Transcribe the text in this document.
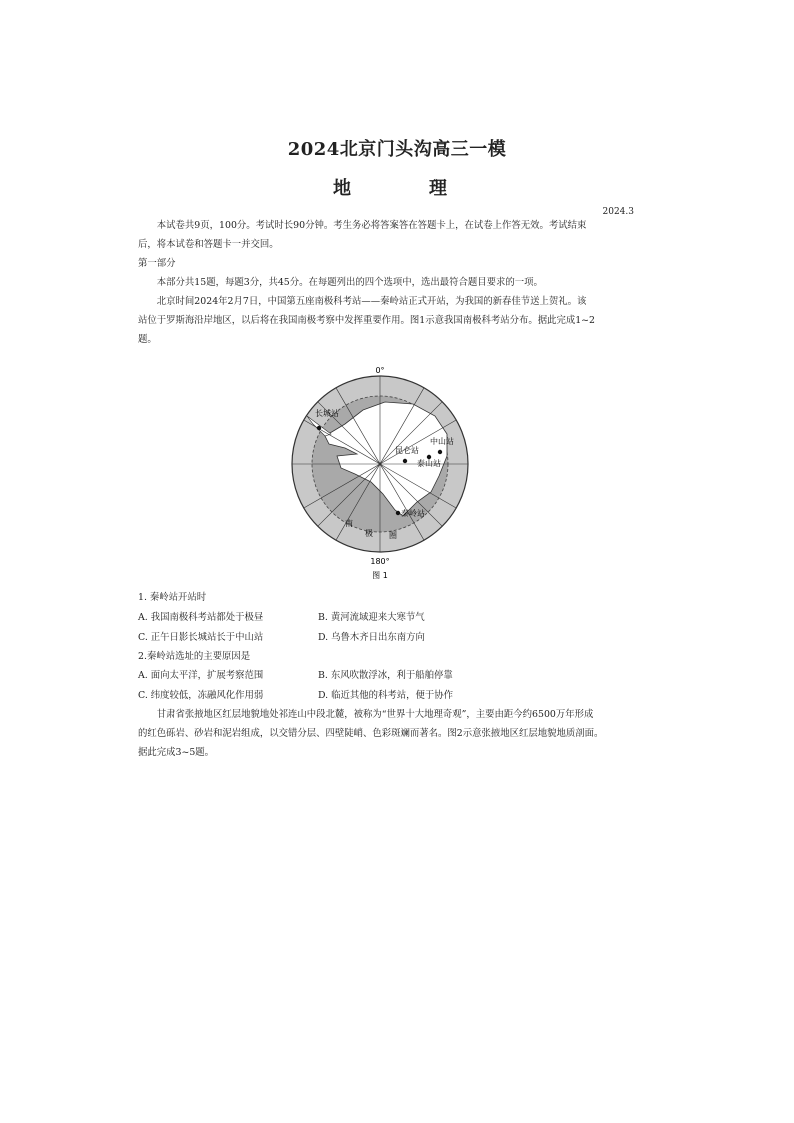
2024北京门头沟高三一模
地　　理
2024.3

本试卷共9页，100分。考试时长90分钟。考生务必将答案答在答题卡上，在试卷上作答无效。考试结束

后，将本试卷和答题卡一并交回。

第一部分

本部分共15题，每题3分，共45分。在每题列出的四个选项中，选出最符合题目要求的一项。

北京时间2024年2月7日，中国第五座南极科考站——秦岭站正式开站，为我国的新春佳节送上贺礼。该

站位于罗斯海沿岸地区，以后将在我国南极考察中发挥重要作用。图1示意我国南极科考站分布。据此完成1~2

题。

0°
长城站
昆仑站
中山站
泰山站
秦岭站
南
极 圈
180°
图 1
1. 秦岭站开站时
A. 我国南极科考站都处于极昼	B. 黄河流域迎来大寒节气
C. 正午日影长城站长于中山站	D. 乌鲁木齐日出东南方向
2.秦岭站选址的主要原因是
A. 面向太平洋，扩展考察范围	B. 东风吹散浮冰，利于船舶停靠
C. 纬度较低，冻融风化作用弱	D. 临近其他的科考站，便于协作

甘肃省张掖地区红层地貌地处祁连山中段北麓，被称为“世界十大地理奇观”，主要由距今约6500万年形成

的红色砾岩、砂岩和泥岩组成，以交错分层、四壁陡峭、色彩斑斓而著名。图2示意张掖地区红层地貌地质剖面。

据此完成3~5题。
